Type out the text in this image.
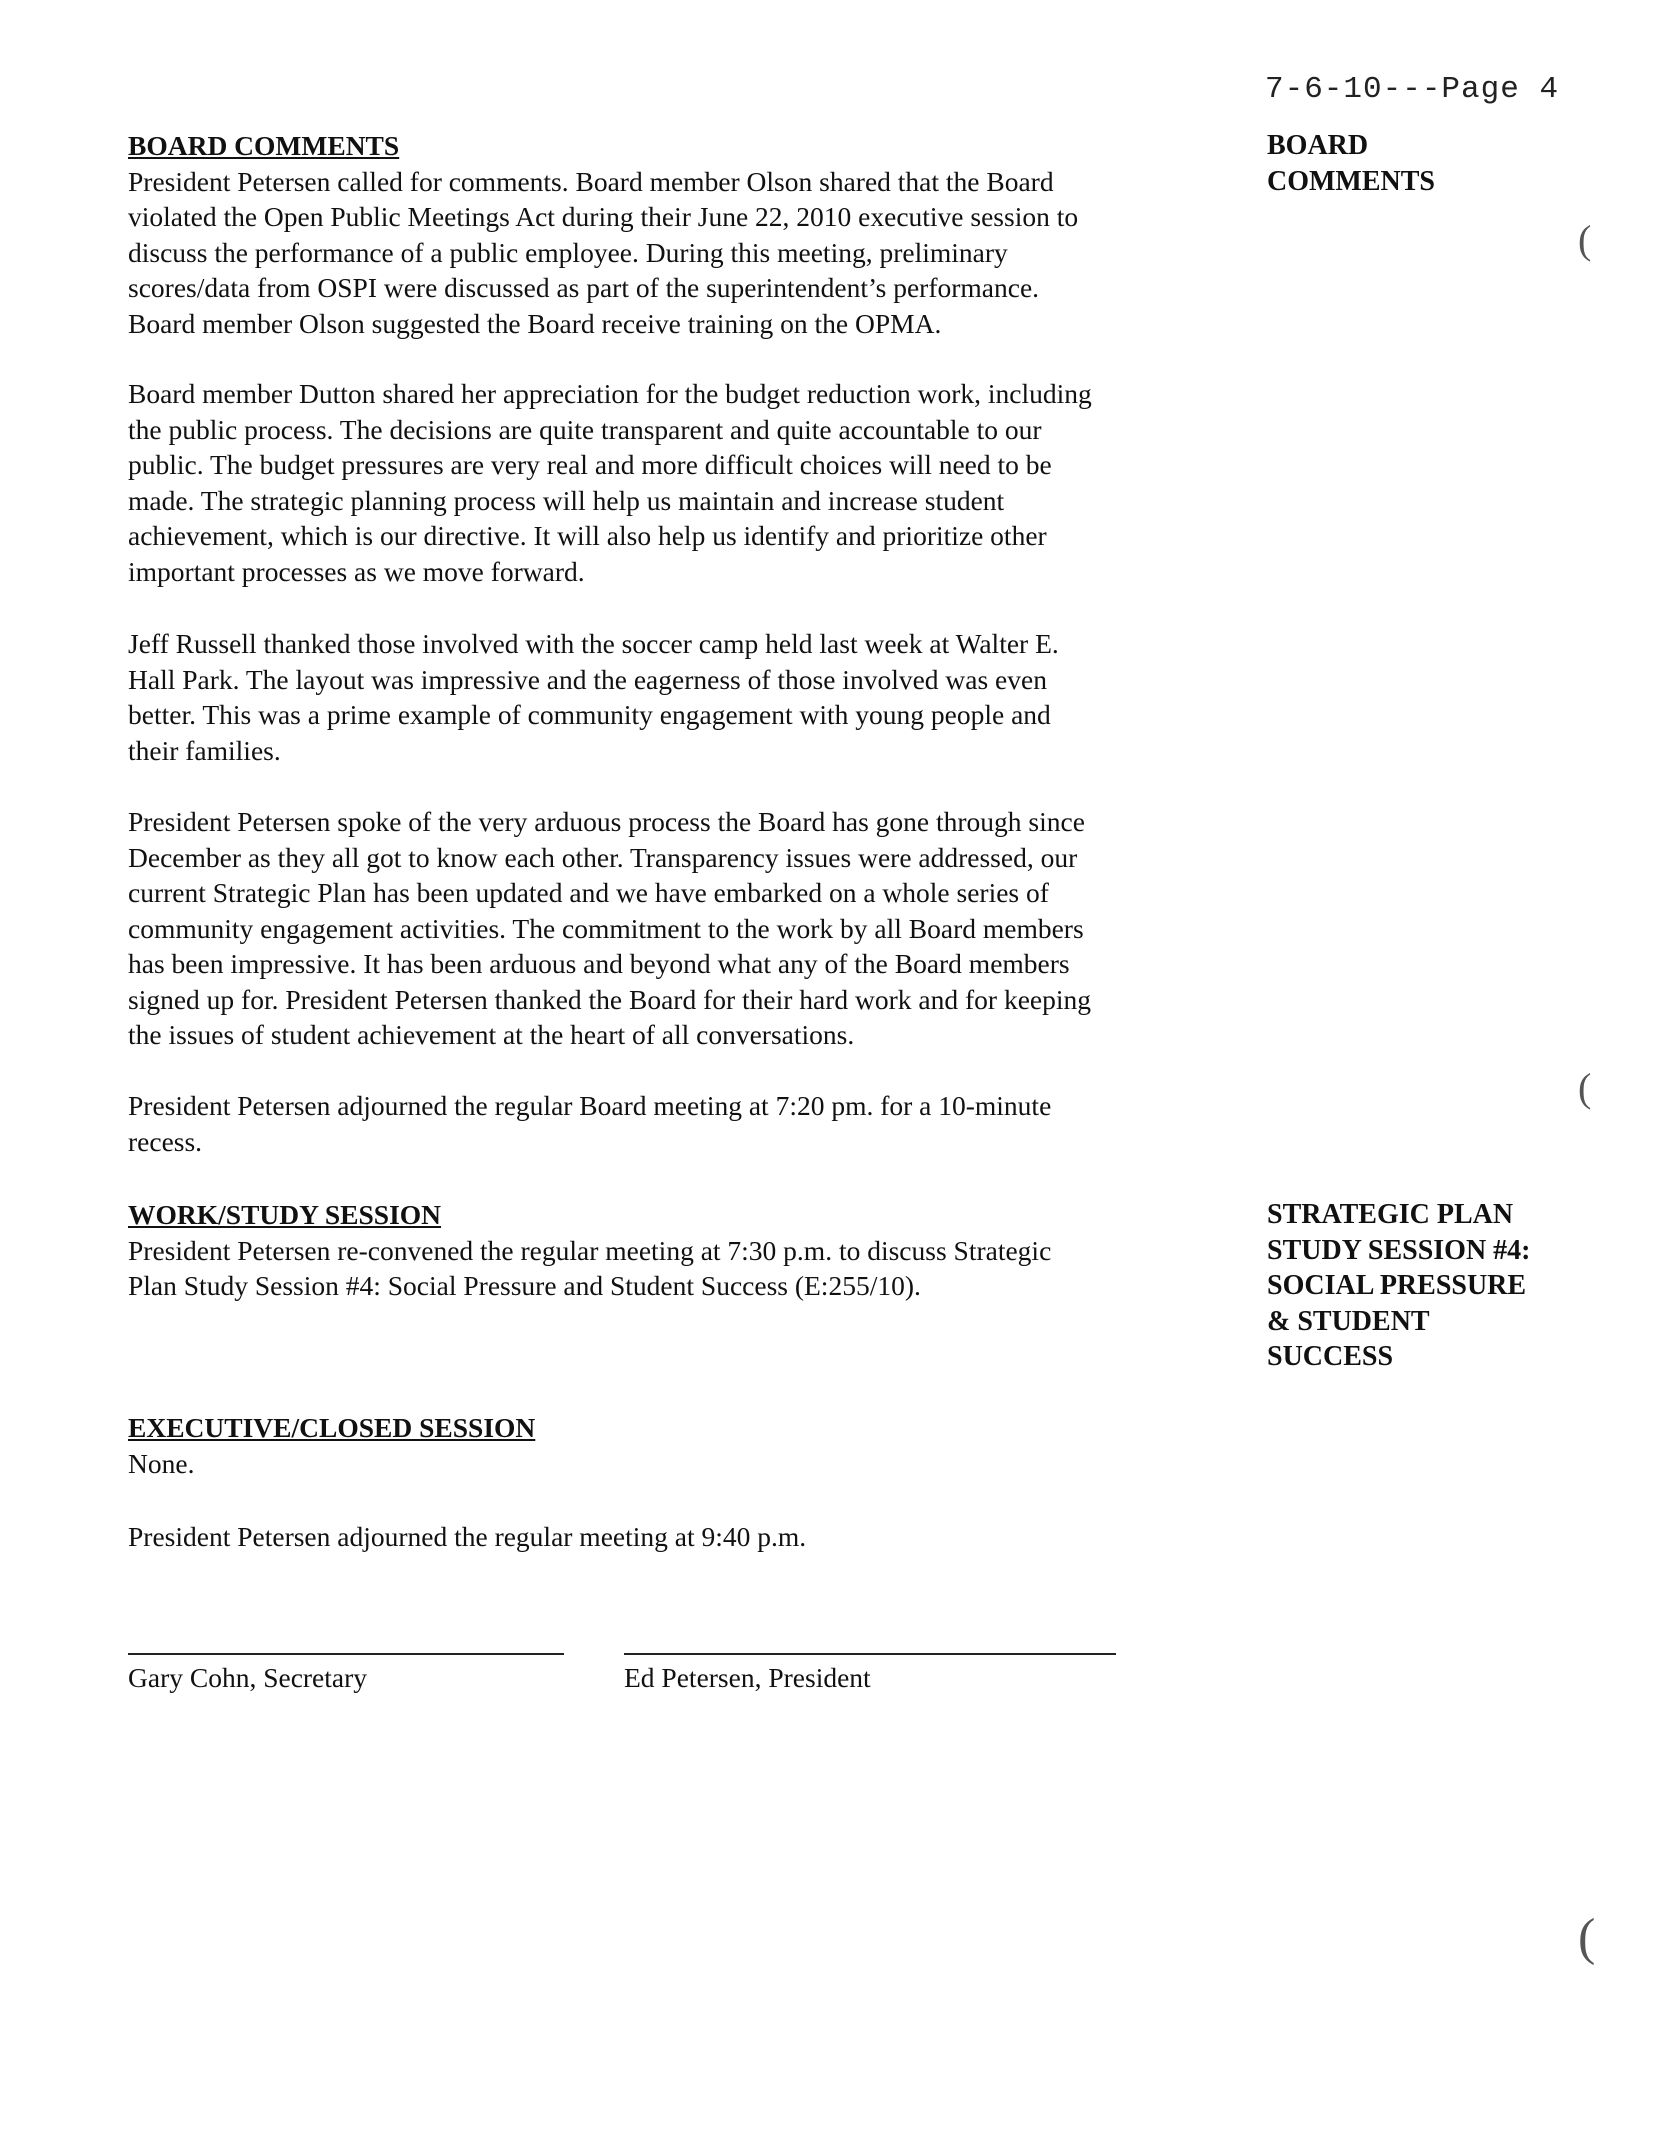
7-6-10---Page 4
BOARD COMMENTS

President Petersen called for comments. Board member Olson shared that the Board
violated the Open Public Meetings Act during their June 22, 2010 executive session to
discuss the performance of a public employee. During this meeting, preliminary
scores/data from OSPI were discussed as part of the superintendent’s performance.
Board member Olson suggested the Board receive training on the OPMA.

BOARD
COMMENTS

Board member Dutton shared her appreciation for the budget reduction work, including
the public process. The decisions are quite transparent and quite accountable to our
public. The budget pressures are very real and more difficult choices will need to be
made. The strategic planning process will help us maintain and increase student
achievement, which is our directive. It will also help us identify and prioritize other
important processes as we move forward.

Jeff Russell thanked those involved with the soccer camp held last week at Walter E.
Hall Park. The layout was impressive and the eagerness of those involved was even
better. This was a prime example of community engagement with young people and
their families.

President Petersen spoke of the very arduous process the Board has gone through since
December as they all got to know each other. Transparency issues were addressed, our
current Strategic Plan has been updated and we have embarked on a whole series of
community engagement activities. The commitment to the work by all Board members
has been impressive. It has been arduous and beyond what any of the Board members
signed up for. President Petersen thanked the Board for their hard work and for keeping
the issues of student achievement at the heart of all conversations.

President Petersen adjourned the regular Board meeting at 7:20 pm. for a 10-minute
recess.

WORK/STUDY SESSION

President Petersen re-convened the regular meeting at 7:30 p.m. to discuss Strategic
Plan Study Session #4: Social Pressure and Student Success (E:255/10).

STRATEGIC PLAN
STUDY SESSION #4:
SOCIAL PRESSURE
& STUDENT
SUCCESS

EXECUTIVE/CLOSED SESSION

None.

President Petersen adjourned the regular meeting at 9:40 p.m.

Gary Cohn, Secretary	Ed Petersen, President
(
(
(
